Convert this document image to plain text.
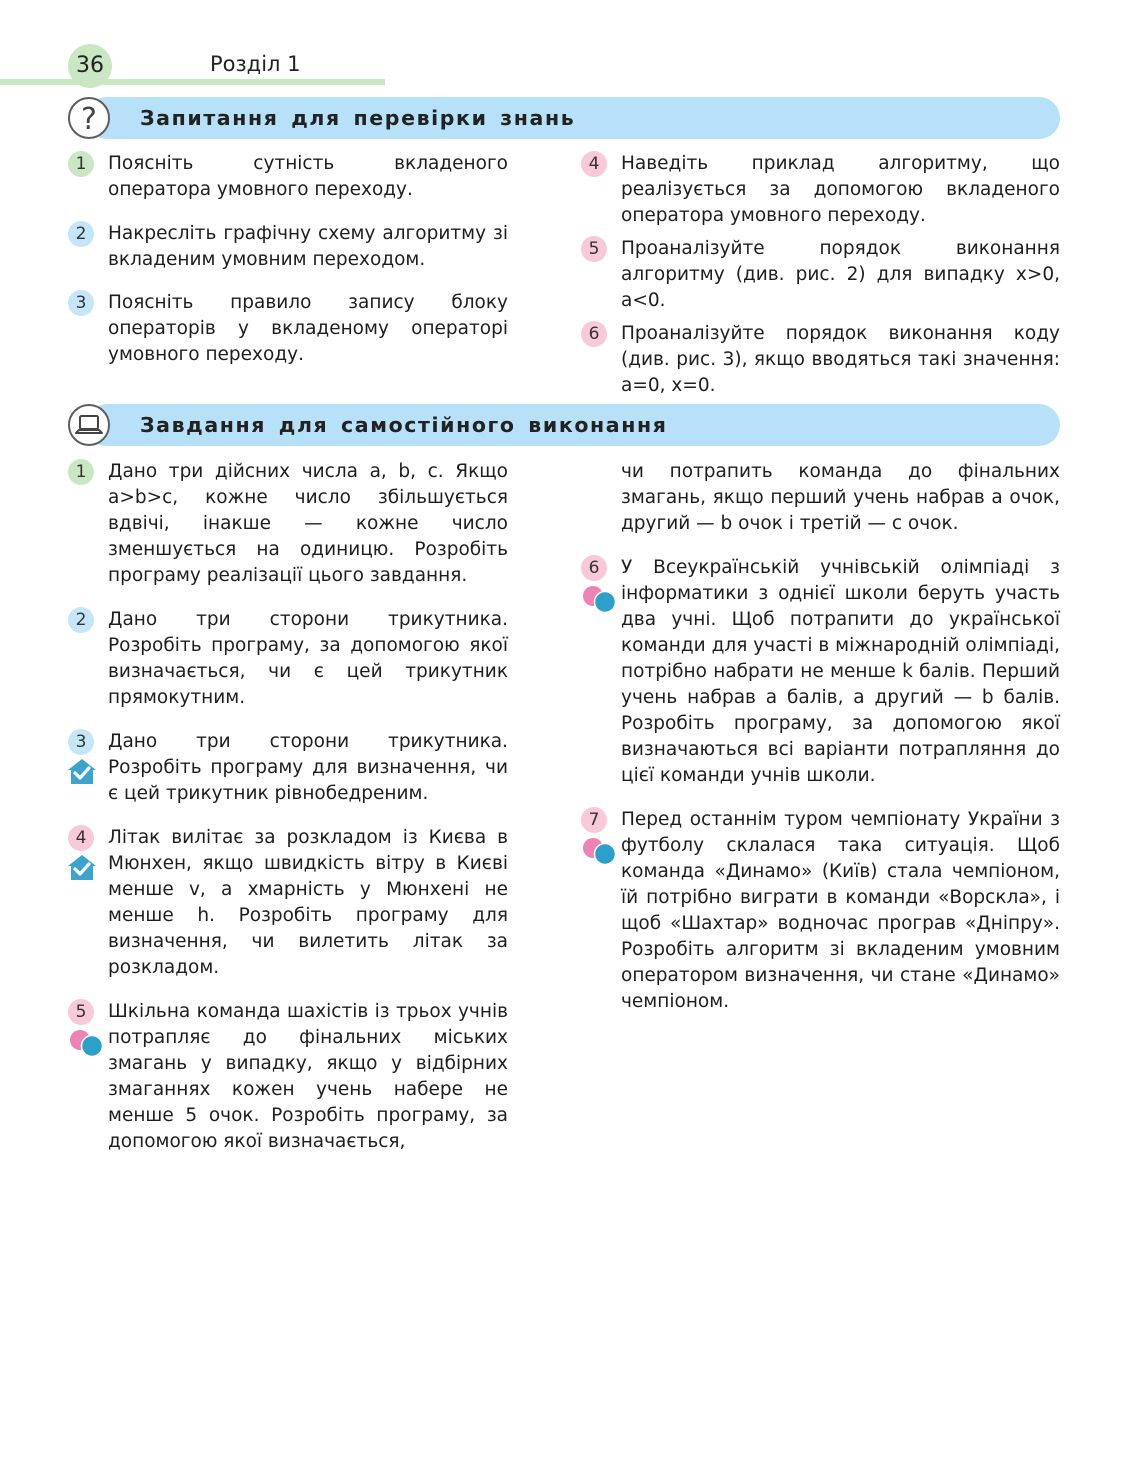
36	Розділ 1
Запитання для перевірки знань
?
1	Поясніть сутність вкладеного оператора умовного переходу.

2	Накресліть графічну схему алгоритму зі вкладеним умовним переходом.

3	Поясніть правило запису блоку операторів у вкладеному операторі умовного переходу.

4	Наведіть приклад алгоритму, що реалізується за допомогою вкладеного оператора умовного переходу.

5	Проаналізуйте порядок виконання алгоритму (див. рис. 2) для випадку x>0, a<0.

6	Проаналізуйте порядок виконання коду (див. рис. 3), якщо вводяться такі значення: a=0, x=0.

Завдання для самостійного виконання
1	Дано три дійсних числа a, b, c. Якщо a>b>c, кожне число збільшується вдвічі, інакше — кожне число зменшується на одиницю. Розробіть програму реалізації цього завдання.

2	Дано три сторони трикутника. Розробіть програму, за допомогою якої визначається, чи є цей трикутник прямокутним.

3	Дано три сторони трикутника. Розробіть програму для визначення, чи є цей трикутник рівнобедреним.

4	Літак вилітає за розкладом із Києва в Мюнхен, якщо швидкість вітру в Києві менше v, а хмарність у Мюнхені не менше h. Розробіть програму для визначення, чи вилетить літак за розкладом.

5	Шкільна команда шахістів із трьох учнів потрапляє до фінальних міських змагань у випадку, якщо у відбірних змаганнях кожен учень набере не менше 5 очок. Розробіть програму, за допомогою якої визначається,

чи потрапить команда до фінальних змагань, якщо перший учень набрав a очок, другий — b очок і третій — c очок.

6	У Всеукраїнській учнівській олімпіаді з інформатики з однієї школи беруть участь два учні. Щоб потрапити до української команди для участі в міжнародній олімпіаді, потрібно набрати не менше k балів. Перший учень набрав a балів, а другий — b балів. Розробіть програму, за допомогою якої визначаються всі варіанти потрапляння до цієї команди учнів школи.

7	Перед останнім туром чемпіонату України з футболу склалася така ситуація. Щоб команда «Динамо» (Київ) стала чемпіоном, їй потрібно виграти в команди «Ворскла», і щоб «Шахтар» водночас програв «Дніпру». Розробіть алгоритм зі вкладеним умовним оператором визначення, чи стане «Динамо» чемпіоном.
